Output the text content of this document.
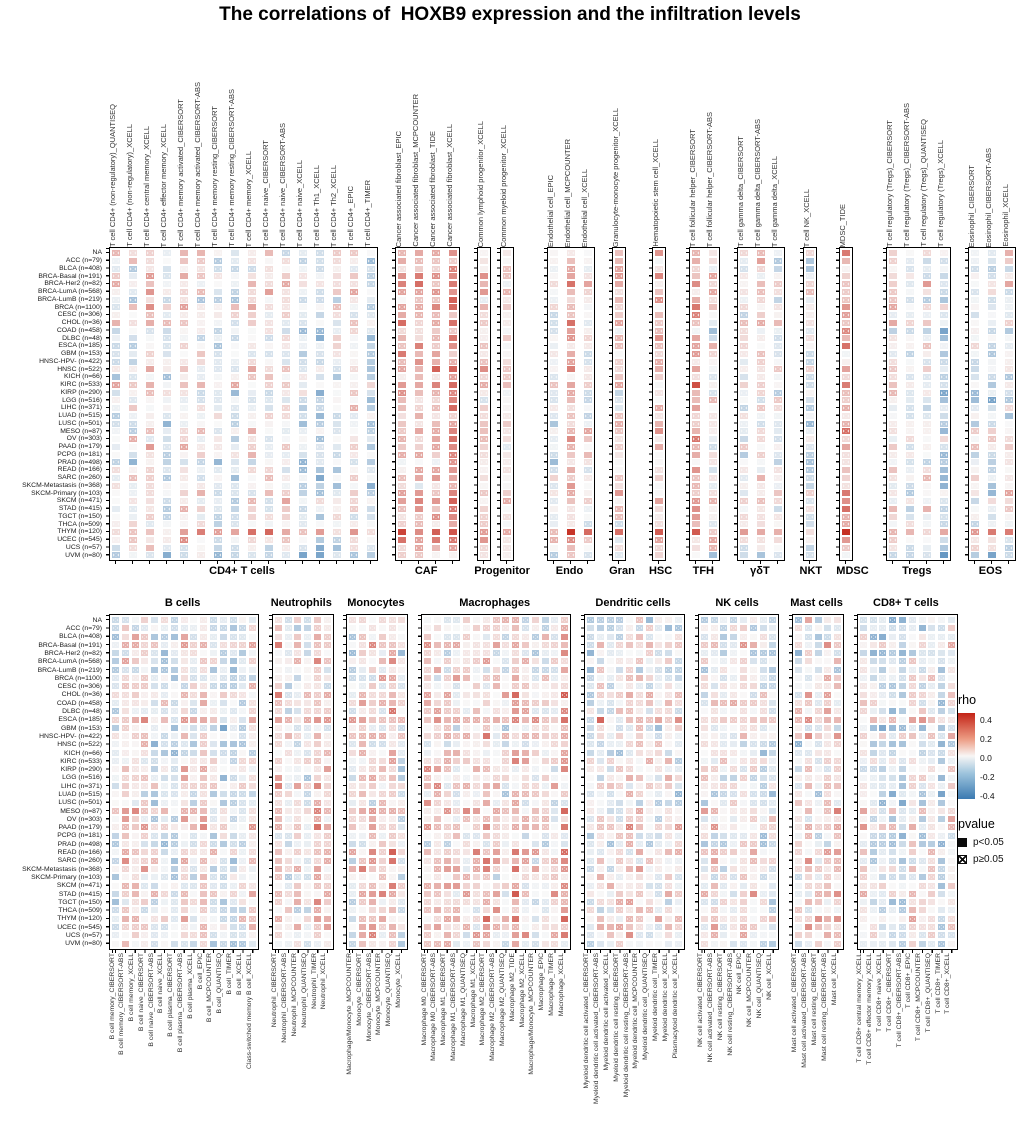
The correlations of  HOXB9 expression and the infiltration levels
NA
ACC (n=79)
BLCA (n=408)
BRCA-Basal (n=191)
BRCA-Her2 (n=82)
BRCA-LumA (n=568)
BRCA-LumB (n=219)
BRCA (n=1100)
CESC (n=306)
CHOL (n=36)
COAD (n=458)
DLBC (n=48)
ESCA (n=185)
GBM (n=153)
HNSC-HPV- (n=422)
HNSC (n=522)
KICH (n=66)
KIRC (n=533)
KIRP (n=290)
LGG (n=516)
LIHC (n=371)
LUAD (n=515)
LUSC (n=501)
MESO (n=87)
OV (n=303)
PAAD (n=179)
PCPG (n=181)
PRAD (n=498)
READ (n=166)
SARC (n=260)
SKCM-Metastasis (n=368)
SKCM-Primary (n=103)
SKCM (n=471)
STAD (n=415)
TGCT (n=150)
THCA (n=509)
THYM (n=120)
UCEC (n=545)
UCS (n=57)
UVM (n=80)
T cell CD4+ (non-regulatory)_QUANTISEQ T cell CD4+ (non-regulatory)_XCELL T cell CD4+ central memory_XCELL T cell CD4+ effector memory_XCELL T cell CD4+ memory activated_CIBERSORT T cell CD4+ memory activated_CIBERSORT-ABS T cell CD4+ memory resting_CIBERSORT T cell CD4+ memory resting_CIBERSORT-ABS T cell CD4+ memory_XCELL T cell CD4+ naive_CIBERSORT T cell CD4+ naive_CIBERSORT-ABS T cell CD4+ naive_XCELL T cell CD4+ Th1_XCELL T cell CD4+ Th2_XCELL T cell CD4+_EPIC T cell CD4+_TIMER
CD4+ T cells
Cancer associated fibroblast_EPIC Cancer associated fibroblast_MCPCOUNTER Cancer associated fibroblast_TIDE Cancer associated fibroblast_XCELL
CAF
Common lymphoid progenitor_XCELL Common myeloid progenitor_XCELL
Progenitor
Endothelial cell_EPIC Endothelial cell_MCPCOUNTER Endothelial cell_XCELL
Endo
Granulocyte-monocyte progenitor_XCELL
Gran
Hematopoietic stem cell_XCELL
HSC
T cell follicular helper_CIBERSORT T cell follicular helper_CIBERSORT-ABS
TFH
T cell gamma delta_CIBERSORT T cell gamma delta_CIBERSORT-ABS T cell gamma delta_XCELL
γδT
T cell NK_XCELL
NKT
MDSC_TIDE
MDSC
T cell regulatory (Tregs)_CIBERSORT T cell regulatory (Tregs)_CIBERSORT-ABS T cell regulatory (Tregs)_QUANTISEQ T cell regulatory (Tregs)_XCELL
Tregs
Eosinophil_CIBERSORT Eosinophil_CIBERSORT-ABS Eosinophil_XCELL
EOS
NA
ACC (n=79)
BLCA (n=408)
BRCA-Basal (n=191)
BRCA-Her2 (n=82)
BRCA-LumA (n=568)
BRCA-LumB (n=219)
BRCA (n=1100)
CESC (n=306)
CHOL (n=36)
COAD (n=458)
DLBC (n=48)
ESCA (n=185)
GBM (n=153)
HNSC-HPV- (n=422)
HNSC (n=522)
KICH (n=66)
KIRC (n=533)
KIRP (n=290)
LGG (n=516)
LIHC (n=371)
LUAD (n=515)
LUSC (n=501)
MESO (n=87)
OV (n=303)
PAAD (n=179)
PCPG (n=181)
PRAD (n=498)
READ (n=166)
SARC (n=260)
SKCM-Metastasis (n=368)
SKCM-Primary (n=103)
SKCM (n=471)
STAD (n=415)
TGCT (n=150)
THCA (n=509)
THYM (n=120)
UCEC (n=545)
UCS (n=57)
UVM (n=80)
B cells
B cell memory_CIBERSORT B cell memory_CIBERSORT-ABS B cell memory_XCELL B cell naive_CIBERSORT B cell naive_CIBERSORT-ABS B cell naive_XCELL B cell plasma_CIBERSORT B cell plasma_CIBERSORT-ABS B cell plasma_XCELL B cell_EPIC B cell_MCPCOUNTER B cell_QUANTISEQ B cell_TIMER B cell_XCELL Class-switched memory B cell_XCELL
Neutrophils
Neutrophil_CIBERSORT Neutrophil_CIBERSORT-ABS Neutrophil_MCPCOUNTER Neutrophil_QUANTISEQ Neutrophil_TIMER Neutrophil_XCELL
Monocytes
Macrophage/Monocyte_MCPCOUNTER Monocyte_CIBERSORT Monocyte_CIBERSORT-ABS Monocyte_MCPCOUNTER Monocyte_QUANTISEQ Monocyte_XCELL
Macrophages
Macrophage M0_CIBERSORT Macrophage M0_CIBERSORT-ABS Macrophage M1_CIBERSORT Macrophage M1_CIBERSORT-ABS Macrophage M1_QUANTISEQ Macrophage M1_XCELL Macrophage M2_CIBERSORT Macrophage M2_CIBERSORT-ABS Macrophage M2_QUANTISEQ Macrophage M2_TIDE Macrophage M2_XCELL Macrophage/Monocyte_MCPCOUNTER Macrophage_EPIC Macrophage_TIMER Macrophage_XCELL
Dendritic cells
Myeloid dendritic cell activated_CIBERSORT Myeloid dendritic cell activated_CIBERSORT-ABS Myeloid dendritic cell activated_XCELL Myeloid dendritic cell resting_CIBERSORT Myeloid dendritic cell resting_CIBERSORT-ABS Myeloid dendritic cell_MCPCOUNTER Myeloid dendritic cell_QUANTISEQ Myeloid dendritic cell_TIMER Myeloid dendritic cell_XCELL Plasmacytoid dendritic cell_XCELL
NK cells
NK cell activated_CIBERSORT NK cell activated_CIBERSORT-ABS NK cell resting_CIBERSORT NK cell resting_CIBERSORT-ABS NK cell_EPIC NK cell_MCPCOUNTER NK cell_QUANTISEQ NK cell_XCELL
Mast cells
Mast cell activated_CIBERSORT Mast cell activated_CIBERSORT-ABS Mast cell resting_CIBERSORT Mast cell resting_CIBERSORT-ABS Mast cell_XCELL
CD8+ T cells
T cell CD8+ central memory_XCELL T cell CD8+ effector memory_XCELL T cell CD8+ naive_XCELL T cell CD8+_CIBERSORT T cell CD8+_CIBERSORT-ABS T cell CD8+_EPIC T cell CD8+_MCPCOUNTER T cell CD8+_QUANTISEQ T cell CD8+_TIMER T cell CD8+_XCELL
rho
0.4
0.2
0.0
-0.2
-0.4
pvalue
p<0.05
p≥0.05
